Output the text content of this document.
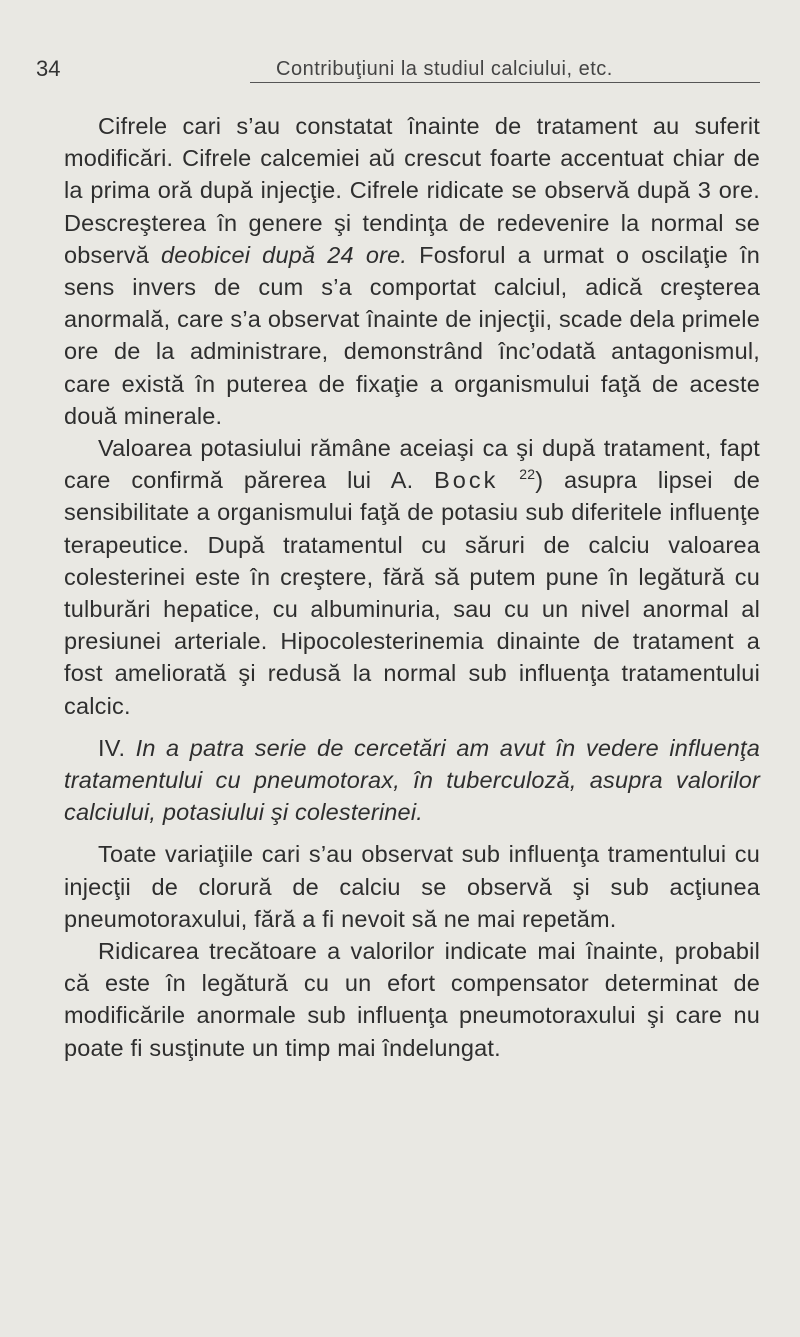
34	Contribuţiuni la studiul calciului, etc.

Cifrele cari s’au constatat înainte de tratament au suferit modificări. Cifrele calcemiei aŭ crescut foarte accentuat chiar de la prima oră după injecţie. Cifrele ridicate se observă după 3 ore. Descreşterea în genere şi tendinţa de redevenire la normal se observă deobicei după 24 ore. Fosforul a urmat o oscilaţie în sens invers de cum s’a comportat calciul, adică creşterea anormală, care s’a observat înainte de injecţii, scade dela primele ore de la administrare, demonstrând înc’odată antagonismul, care există în puterea de fixaţie a organismului faţă de aceste două minerale.

Valoarea potasiului rămâne aceiaşi ca şi după tratament, fapt care confirmă părerea lui A. Bock $^{22}$) asupra lipsei de sensibilitate a organismului faţă de potasiu sub diferitele influenţe terapeutice. După tratamentul cu săruri de calciu valoarea colesterinei este în creştere, fără să putem pune în legătură cu tulburări hepatice, cu albuminuria, sau cu un nivel anormal al presiunei arteriale. Hipocolesterinemia dinainte de tratament a fost ameliorată şi redusă la normal sub influenţa tratamentului calcic.

IV. In a patra serie de cercetări am avut în vedere influenţa tratamentului cu pneumotorax, în tuberculoză, asupra valorilor calciului, potasiului şi colesterinei.

Toate variaţiile cari s’au observat sub influenţa tramentului cu injecţii de clorură de calciu se observă şi sub acţiunea pneumotoraxului, fără a fi nevoit să ne mai repetăm.

Ridicarea trecătoare a valorilor indicate mai înainte, probabil că este în legătură cu un efort compensator determinat de modificările anormale sub influenţa pneumotoraxului şi care nu poate fi susţinute un timp mai îndelungat.
